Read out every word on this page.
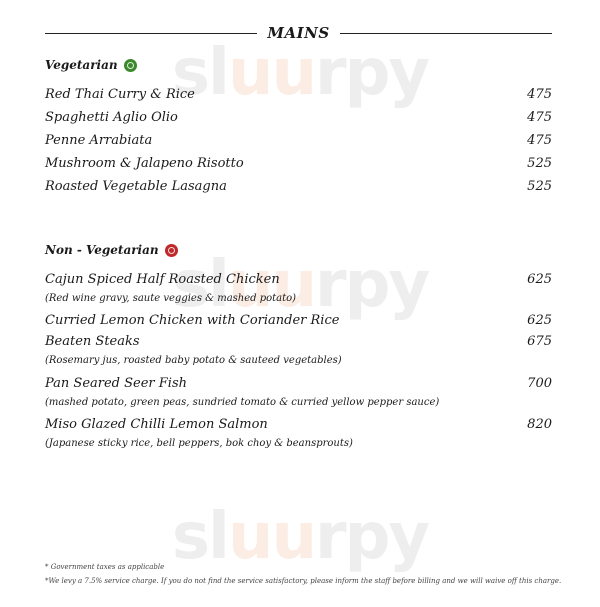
sl uu rpy
sl uu rpy
sl uu rpy
MAINS
Vegetarian
Red Thai Curry & Rice	475
Spaghetti Aglio Olio	475
Penne Arrabiata	475
Mushroom & Jalapeno Risotto	525
Roasted Vegetable Lasagna	525
Non - Vegetarian
Cajun Spiced Half Roasted Chicken	625
(Red wine gravy, saute veggies & mashed potato)
Curried Lemon Chicken with Coriander Rice	625
Beaten Steaks	675
(Rosemary jus, roasted baby potato & sauteed vegetables)
Pan Seared Seer Fish	700
(mashed potato, green peas, sundried tomato & curried yellow pepper sauce)
Miso Glazed Chilli Lemon Salmon	820
(Japanese sticky rice, bell peppers, bok choy & beansprouts)
* Government taxes as applicable
*We levy a 7.5% service charge. If you do not find the service satisfactory, please inform the staff before billing and we will waive off this charge.
